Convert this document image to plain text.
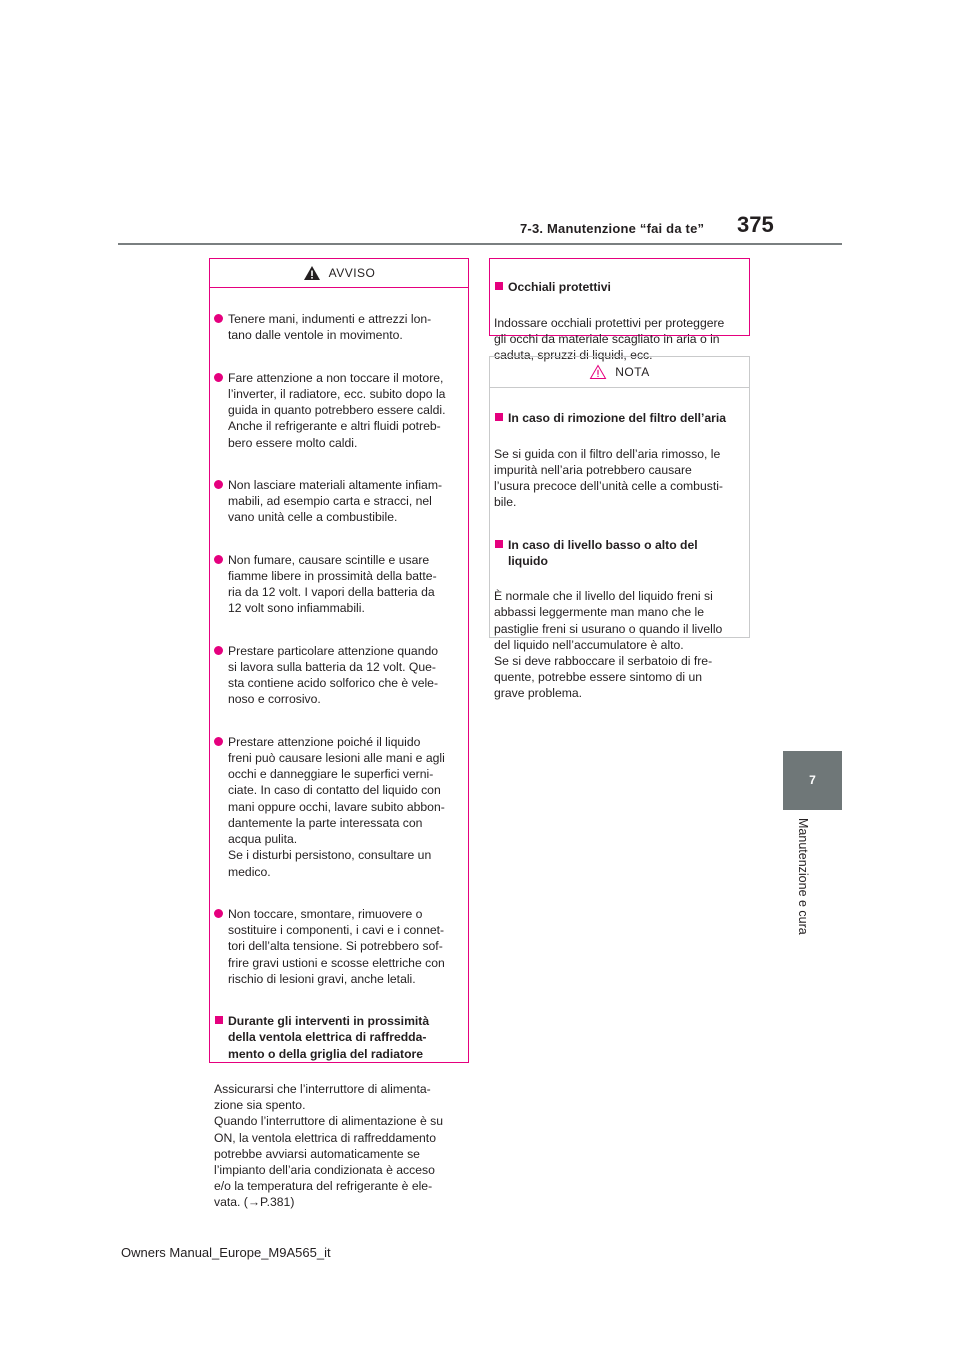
7-3. Manutenzione “fai da te” 375
7
Manutenzione e cura
AVVISO

Tenere mani, indumenti e attrezzi lon-
tano dalle ventole in movimento.

Fare attenzione a non toccare il motore,
l’inverter, il radiatore, ecc. subito dopo la
guida in quanto potrebbero essere caldi.
Anche il refrigerante e altri fluidi potreb-
bero essere molto caldi.

Non lasciare materiali altamente infiam-
mabili, ad esempio carta e stracci, nel
vano unità celle a combustibile.

Non fumare, causare scintille e usare
fiamme libere in prossimità della batte-
ria da 12 volt. I vapori della batteria da
12 volt sono infiammabili.

Prestare particolare attenzione quando
si lavora sulla batteria da 12 volt. Que-
sta contiene acido solforico che è vele-
noso e corrosivo.

Prestare attenzione poiché il liquido
freni può causare lesioni alle mani e agli
occhi e danneggiare le superfici verni-
ciate. In caso di contatto del liquido con
mani oppure occhi, lavare subito abbon-
dantemente la parte interessata con
acqua pulita.
Se i disturbi persistono, consultare un
medico.

Non toccare, smontare, rimuovere o
sostituire i componenti, i cavi e i connet-
tori dell’alta tensione. Si potrebbero sof-
frire gravi ustioni e scosse elettriche con
rischio di lesioni gravi, anche letali.

Durante gli interventi in prossimità
della ventola elettrica di raffredda-
mento o della griglia del radiatore

Assicurarsi che l’interruttore di alimenta-
zione sia spento.
Quando l’interruttore di alimentazione è su
ON, la ventola elettrica di raffreddamento
potrebbe avviarsi automaticamente se
l’impianto dell’aria condizionata è acceso
e/o la temperatura del refrigerante è ele-
vata. (→P.381)

Occhiali protettivi

Indossare occhiali protettivi per proteggere
gli occhi da materiale scagliato in aria o in
caduta, spruzzi di liquidi, ecc.

NOTA

In caso di rimozione del filtro dell’aria

Se si guida con il filtro dell’aria rimosso, le
impurità nell’aria potrebbero causare
l’usura precoce dell’unità celle a combusti-
bile.

In caso di livello basso o alto del
liquido

È normale che il livello del liquido freni si
abbassi leggermente man mano che le
pastiglie freni si usurano o quando il livello
del liquido nell’accumulatore è alto.
Se si deve rabboccare il serbatoio di fre-
quente, potrebbe essere sintomo di un
grave problema.

Owners Manual_Europe_M9A565_it
